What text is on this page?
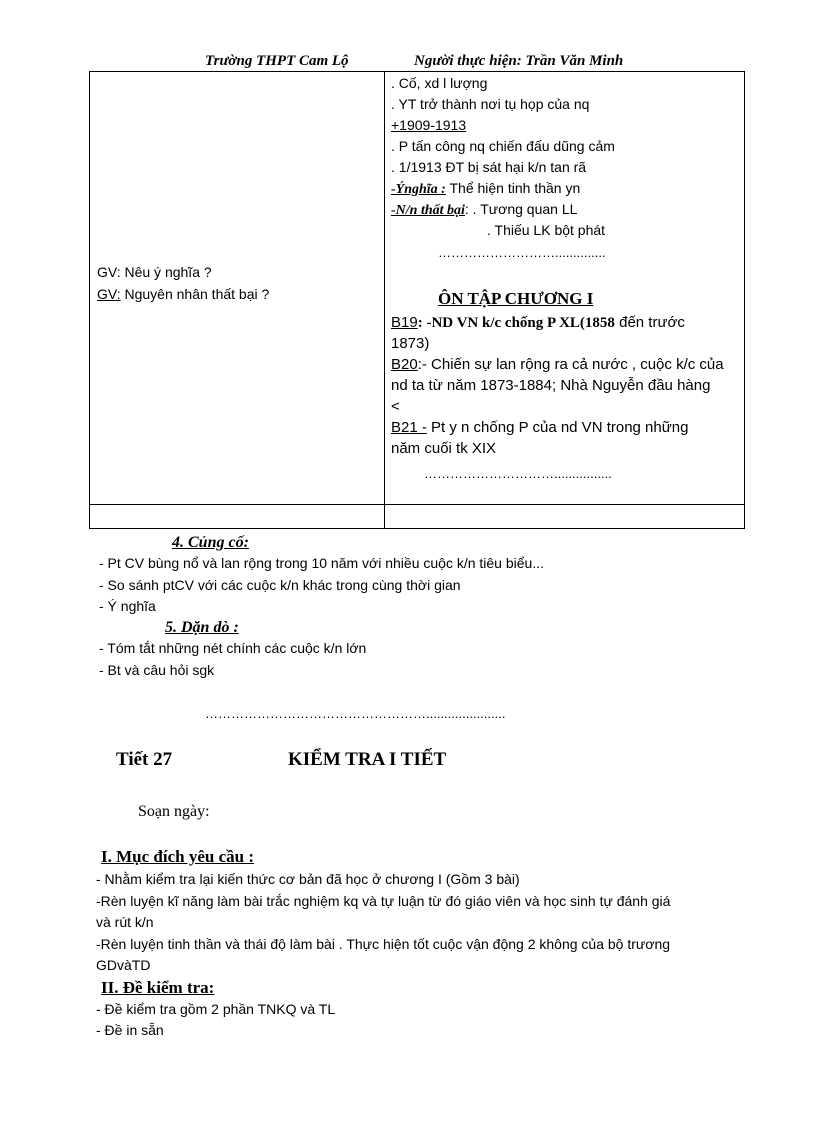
Trường THPT Cam Lộ	Người thực hiện: Trần Văn Minh
GV: Nêu ý nghĩa ?
GV: Nguyên nhân thất bại ?
. Cố, xd l lượng
. YT trở thành nơi tụ họp của nq
+1909-1913
. P tấn công nq chiến đấu dũng cảm
. 1/1913 ĐT bị sát hại k/n tan rã
-Ýnghĩa : Thể hiện tinh thần yn
-N/n thất bại: . Tương quan LL
. Thiếu LK bột phát
………………………..............
ÔN TẬP CHƯƠNG I
B19: -ND VN k/c chống P XL(1858 đến trước
1873)
B20:- Chiến sự lan rộng ra cả nước , cuộc k/c của
nd ta từ năm 1873-1884; Nhà Nguyễn đầu hàng
<
B21 - Pt y n chống P của nd VN trong những
năm cuối tk XIX
…………………………................
4. Củng cố:
- Pt CV bùng nổ và lan rộng trong 10 năm với nhiều cuộc k/n tiêu biểu...
- So sánh ptCV với các cuộc k/n khác trong cùng thời gian
- Ý nghĩa
5. Dặn dò :
- Tóm tắt những nét chính các cuộc k/n lớn
- Bt và câu hỏi sgk
……………………………………………......................
Tiết 27	KIỂM TRA I TIẾT
Soạn ngày:
I. Mục đích yêu cầu :
- Nhằm kiểm tra lại kiến thức cơ bản đã học ở chương I (Gồm 3 bài)
-Rèn luyện kĩ năng làm bài trắc nghiệm kq và tự luận từ đó giáo viên và học sinh tự đánh giá
và rút k/n
-Rèn luyện tinh thần và thái độ làm bài . Thực hiện tốt cuộc vận động 2 không của bộ trương
GDvàTD
II. Đề kiểm tra:
- Đề kiểm tra gồm 2 phần TNKQ và TL
- Đề in sẵn
